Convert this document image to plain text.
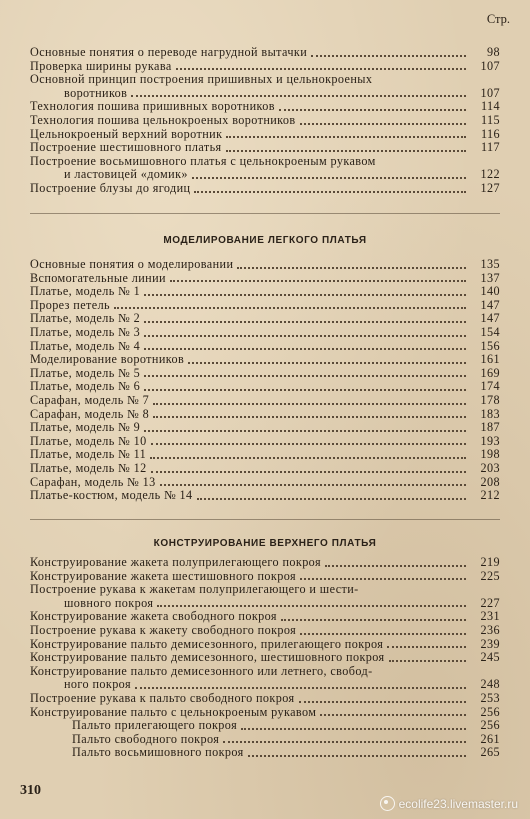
Стр.
Основные понятия о переводе нагрудной вытачки	98
Проверка ширины рукава	107
Основной принцип построения пришивных и цельнокроеных
воротников	107
Технология пошива пришивных воротников	114
Технология пошива цельнокроеных воротников	115
Цельнокроеный верхний воротник	116
Построение шестишовного платья	117
Построение восьмишовного платья с цельнокроеным рукавом
и ластовицей «домик»	122
Построение блузы до ягодиц	127
МОДЕЛИРОВАНИЕ ЛЕГКОГО ПЛАТЬЯ
Основные понятия о моделировании	135
Вспомогательные линии	137
Платье, модель № 1	140
Прорез петель	147
Платье, модель № 2	147
Платье, модель № 3	154
Платье, модель № 4	156
Моделирование воротников	161
Платье, модель № 5	169
Платье, модель № 6	174
Сарафан, модель № 7	178
Сарафан, модель № 8	183
Платье, модель № 9	187
Платье, модель № 10	193
Платье, модель № 11	198
Платье, модель № 12	203
Сарафан, модель № 13	208
Платье-костюм, модель № 14	212
КОНСТРУИРОВАНИЕ ВЕРХНЕГО ПЛАТЬЯ
Конструирование жакета полуприлегающего покроя	219
Конструирование жакета шестишовного покроя	225
Построение рукава к жакетам полуприлегающего и шести-
шовного покроя	227
Конструирование жакета свободного покроя	231
Построение рукава к жакету свободного покроя	236
Конструирование пальто демисезонного, прилегающего покроя	239
Конструирование пальто демисезонного, шестишовного покроя	245
Конструирование пальто демисезонного или летнего, свобод-
ного покроя	248
Построение рукава к пальто свободного покроя	253
Конструирование пальто с цельнокроеным рукавом	256
Пальто прилегающего покроя	256
Пальто свободного покроя	261
Пальто восьмишовного покроя	265
310
ecolife23.livemaster.ru
